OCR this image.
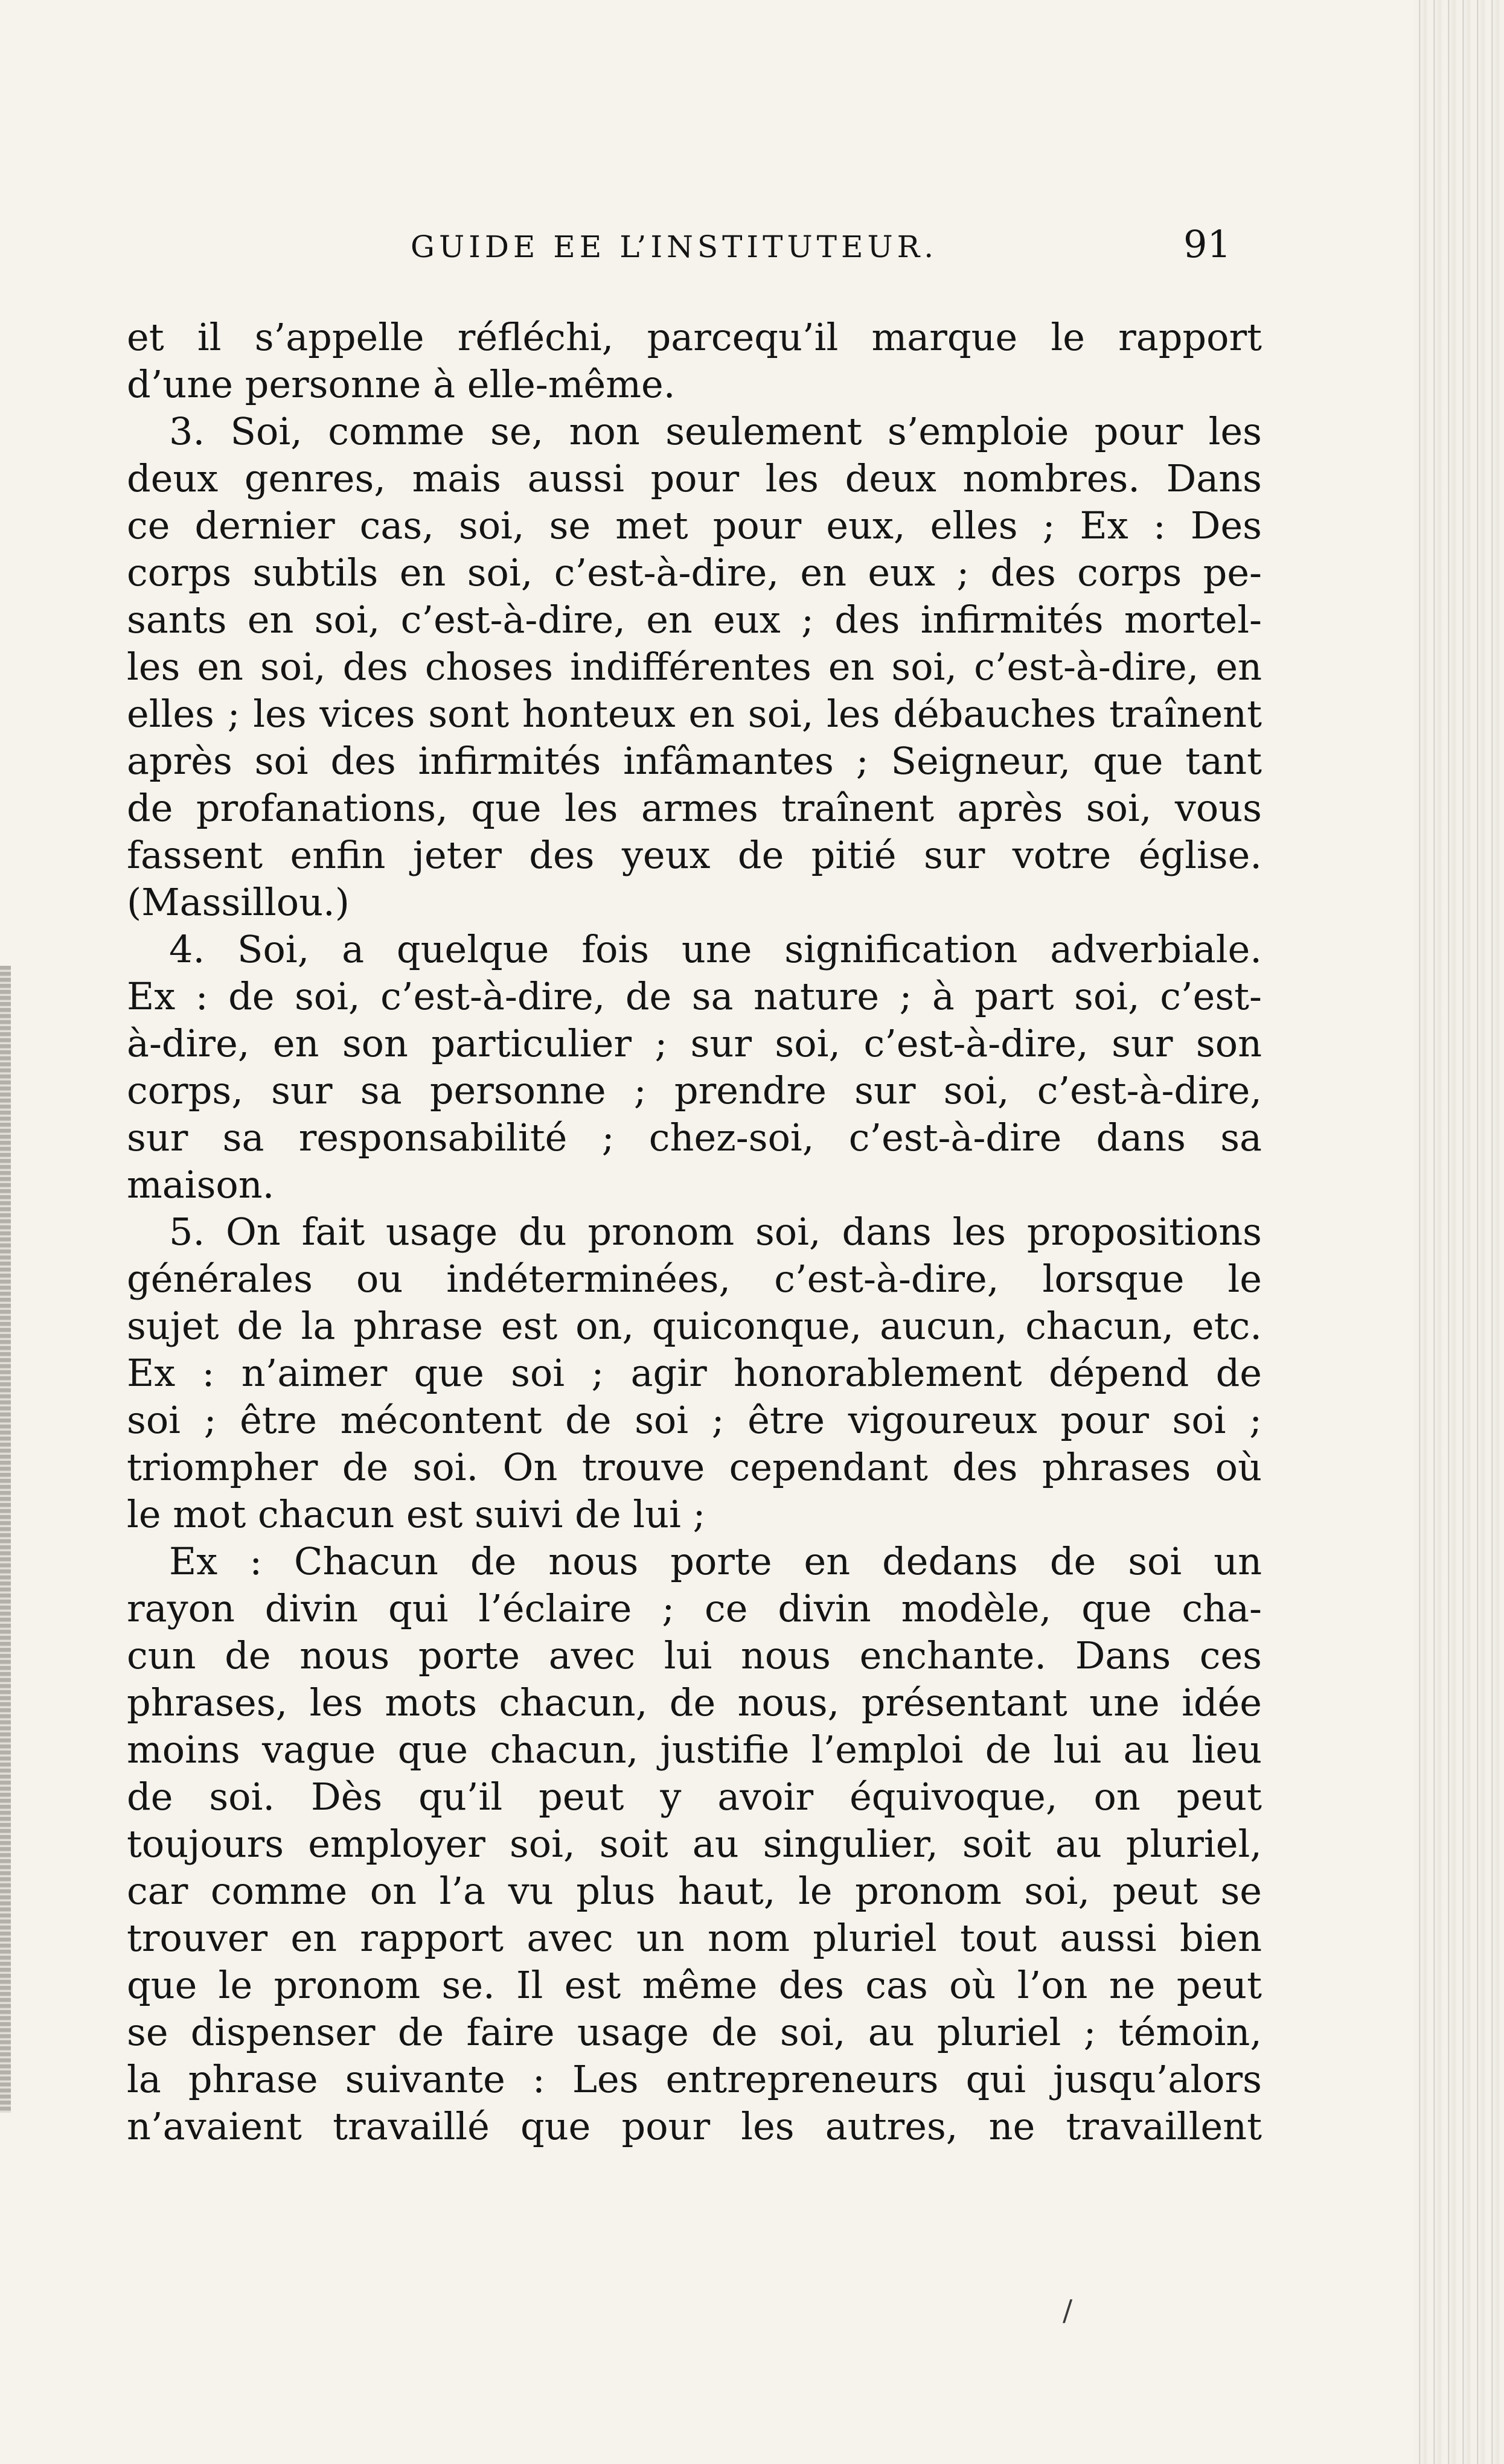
GUIDE EE L’INSTITUTEUR.	91
et il s’appelle réfléchi, parcequ’il marque le rapport
d’une personne à elle-même.
3. Soi, comme se, non seulement s’emploie pour les
deux genres, mais aussi pour les deux nombres. Dans
ce dernier cas, soi, se met pour eux, elles ; Ex : Des
corps subtils en soi, c’est-à-dire, en eux ; des corps pe-
sants en soi, c’est-à-dire, en eux ; des infirmités mortel-
les en soi, des choses indifférentes en soi, c’est-à-dire, en
elles ; les vices sont honteux en soi, les débauches traînent
après soi des infirmités infâmantes ; Seigneur, que tant
de profanations, que les armes traînent après soi, vous
fassent enfin jeter des yeux de pitié sur votre église.
(Massillou.)
4. Soi, a quelque fois une signification adverbiale.
Ex : de soi, c’est-à-dire, de sa nature ; à part soi, c’est-
à-dire, en son particulier ; sur soi, c’est-à-dire, sur son
corps, sur sa personne ; prendre sur soi, c’est-à-dire,
sur sa responsabilité ; chez-soi, c’est-à-dire dans sa
maison.
5. On fait usage du pronom soi, dans les propositions
générales ou indéterminées, c’est-à-dire, lorsque le
sujet de la phrase est on, quiconque, aucun, chacun, etc.
Ex : n’aimer que soi ; agir honorablement dépend de
soi ; être mécontent de soi ; être vigoureux pour soi ;
triompher de soi. On trouve cependant des phrases où
le mot chacun est suivi de lui ;
Ex : Chacun de nous porte en dedans de soi un
rayon divin qui l’éclaire ; ce divin modèle, que cha-
cun de nous porte avec lui nous enchante. Dans ces
phrases, les mots chacun, de nous, présentant une idée
moins vague que chacun, justifie l’emploi de lui au lieu
de soi. Dès qu’il peut y avoir équivoque, on peut
toujours employer soi, soit au singulier, soit au pluriel,
car comme on l’a vu plus haut, le pronom soi, peut se
trouver en rapport avec un nom pluriel tout aussi bien
que le pronom se. Il est même des cas où l’on ne peut
se dispenser de faire usage de soi, au pluriel ; témoin,
la phrase suivante : Les entrepreneurs qui jusqu’alors
n’avaient travaillé que pour les autres, ne travaillent
/
